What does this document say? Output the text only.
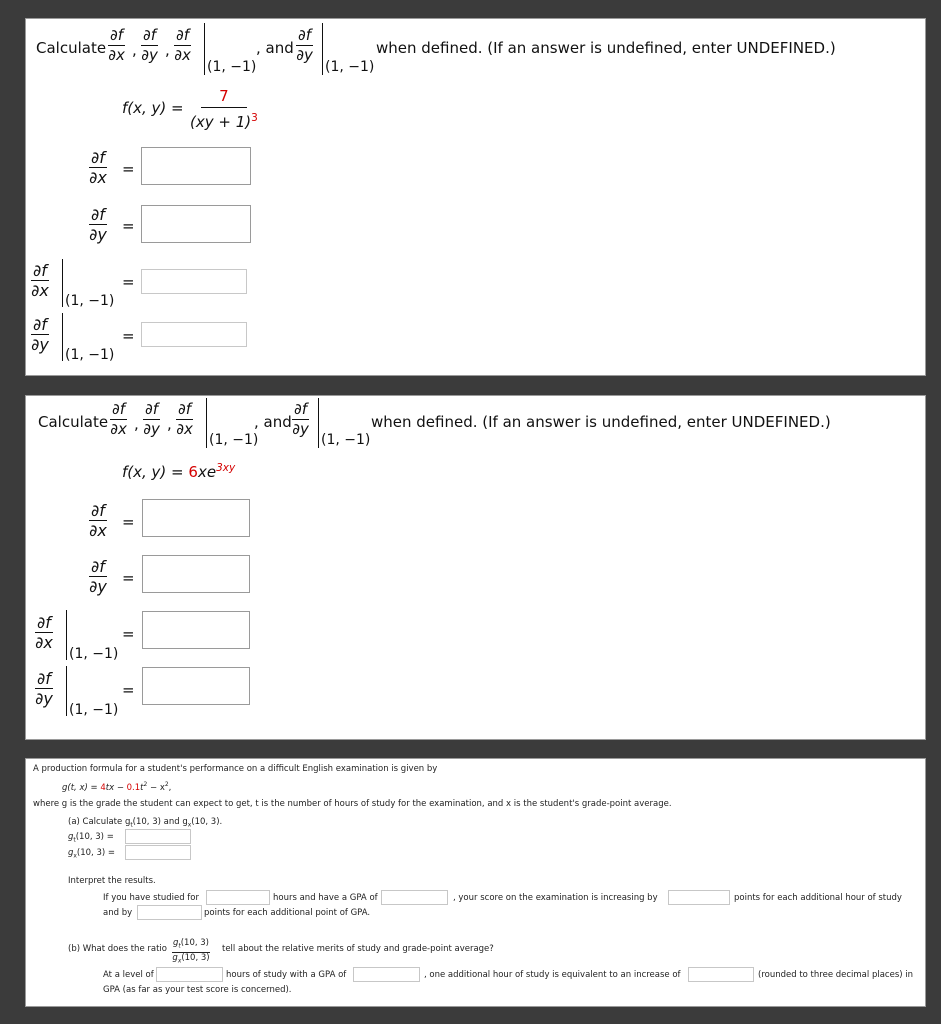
Calculate $\frac{\partial f}{\partial x}$ , $\frac{\partial f}{\partial y}$ , $\frac{\partial f}{\partial x}$
(1, −1)
, and $\frac{\partial f}{\partial y}$
(1, −1)
when defined. (If an answer is undefined, enter UNDEFINED.)
f(x, $y) = \frac{7}{(xy + 1)^3}$
$\frac{\partial f}{\partial x}$ =
$\frac{\partial f}{\partial y}$ =
$\frac{\partial f}{\partial x}$
(1, −1)
=
$\frac{\partial f}{\partial y}$
(1, −1)
=
Calculate $\frac{\partial f}{\partial x}$ , $\frac{\partial f}{\partial y}$ , $\frac{\partial f}{\partial x}$
(1, −1)
, and $\frac{\partial f}{\partial y}$
(1, −1)
when defined. (If an answer is undefined, enter UNDEFINED.)
f(x, $y) = 6xe^{3xy}$
$\frac{\partial f}{\partial x}$ =
$\frac{\partial f}{\partial y}$ =
$\frac{\partial f}{\partial x}$
(1, −1)
=
$\frac{\partial f}{\partial y}$
(1, −1)
=
A production formula for a student's performance on a difficult English examination is given by
g(t, $x) = 4tx - 0.1t^2 - x^2$,
where g is the grade the student can expect to get, t is the number of hours of study for the examination, and x is the student's grade-point average.
(a) Calculate $g_t(10$, 3) and $g_x(10$, 3).
$g_t(10$, 3) =
$g_x(10$, 3) =
Interpret the results.
If you have studied for	hours and have a GPA of	, your score on the examination is increasing by	points for each additional hour of study
and by	points for each additional point of GPA.
(b) What does the ratio
$g_t(10$, 3)
$g_x(10$, 3)
tell about the relative merits of study and grade-point average?
At a level of	hours of study with a GPA of	, one additional hour of study is equivalent to an increase of	(rounded to three decimal places) in
GPA (as far as your test score is concerned).
